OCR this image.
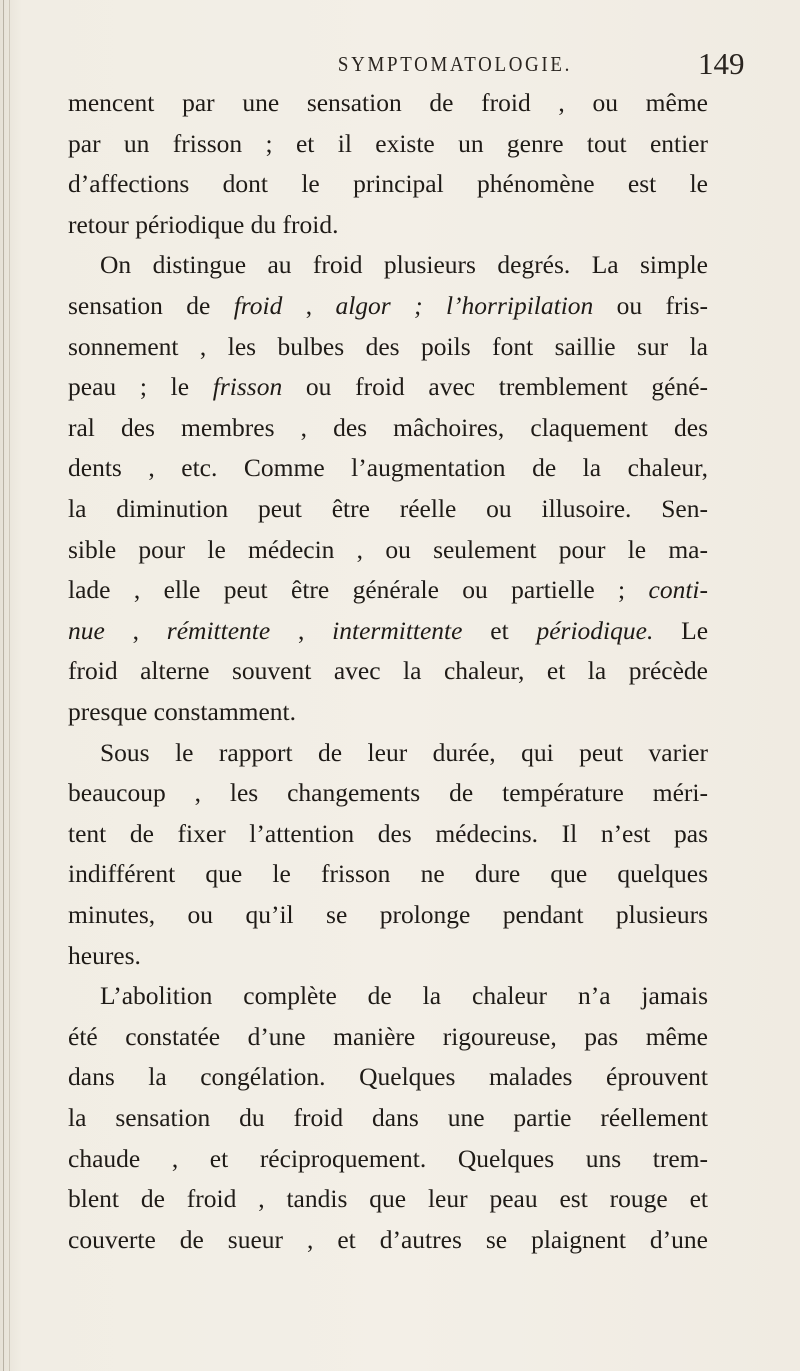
SYMPTOMATOLOGIE.	149
mencent par une sensation de froid , ou même
par un frisson ; et il existe un genre tout entier
d’affections dont le principal phénomène est le
retour périodique du froid.
On distingue au froid plusieurs degrés. La simple
sensation de froid , algor ; l’horripilation ou fris-
sonnement , les bulbes des poils font saillie sur la
peau ; le frisson ou froid avec tremblement géné-
ral des membres , des mâchoires, claquement des
dents , etc. Comme l’augmentation de la chaleur,
la diminution peut être réelle ou illusoire. Sen-
sible pour le médecin , ou seulement pour le ma-
lade , elle peut être générale ou partielle ; conti-
nue , rémittente , intermittente et périodique. Le
froid alterne souvent avec la chaleur, et la précède
presque constamment.
Sous le rapport de leur durée, qui peut varier
beaucoup , les changements de température méri-
tent de fixer l’attention des médecins. Il n’est pas
indifférent que le frisson ne dure que quelques
minutes, ou qu’il se prolonge pendant plusieurs
heures.
L’abolition complète de la chaleur n’a jamais
été constatée d’une manière rigoureuse, pas même
dans la congélation. Quelques malades éprouvent
la sensation du froid dans une partie réellement
chaude , et réciproquement. Quelques uns trem-
blent de froid , tandis que leur peau est rouge et
couverte de sueur , et d’autres se plaignent d’une
